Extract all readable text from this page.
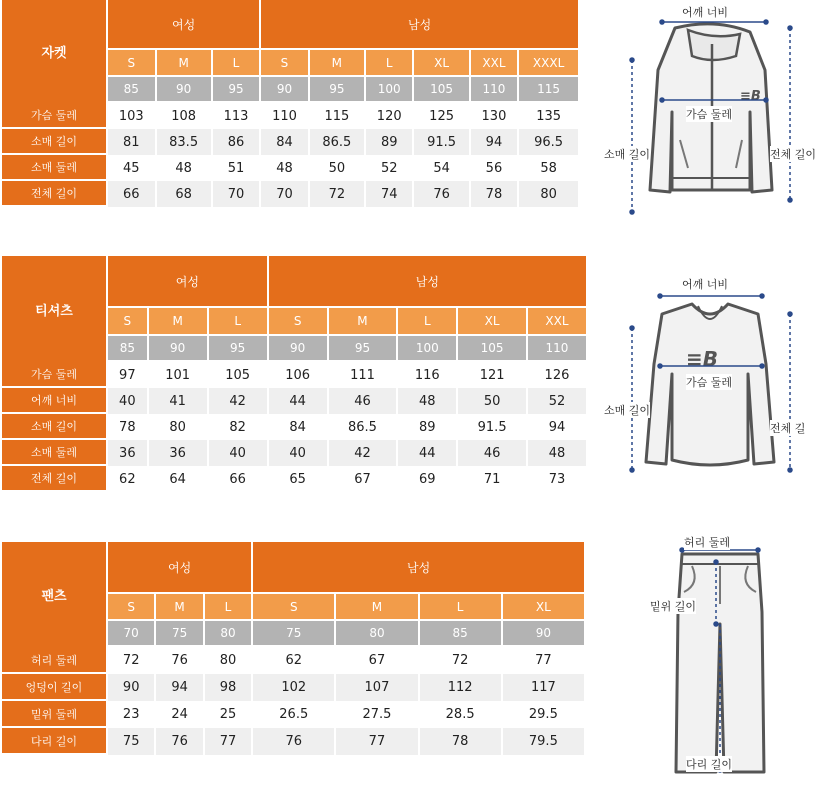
자켓	여성			남성					
	S	M	L	S	M	L	XL	XXL	XXXL
	85	90	95	90	95	100	105	110	115
가슴 둘레	103	108	113	110	115	120	125	130	135
소매 길이	81	83.5	86	84	86.5	89	91.5	94	96.5
소매 둘레	45	48	51	48	50	52	54	56	58
전체 길이	66	68	70	70	72	74	76	78	80
티셔츠	여성			남성				
	S	M	L	S	M	L	XL	XXL
	85	90	95	90	95	100	105	110
가슴 둘레	97	101	105	106	111	116	121	126
어깨 너비	40	41	42	44	46	48	50	52
소매 길이	78	80	82	84	86.5	89	91.5	94
소매 둘레	36	36	40	40	42	44	46	48
전체 길이	62	64	66	65	67	69	71	73
팬츠	여성			남성			
	S	M	L	S	M	L	XL
	70	75	80	75	80	85	90
허리 둘레	72	76	80	62	67	72	77
엉덩이 길이	90	94	98	102	107	112	117
밑위 둘레	23	24	25	26.5	27.5	28.5	29.5
다리 길이	75	76	77	76	77	78	79.5
≡B
어깨 너비
가슴 둘레
소매 길이	전체 길이
≡B
어깨 너비
가슴 둘레
소매 길이
전체 길
허리 둘레
밑위 길이
다리 길이
